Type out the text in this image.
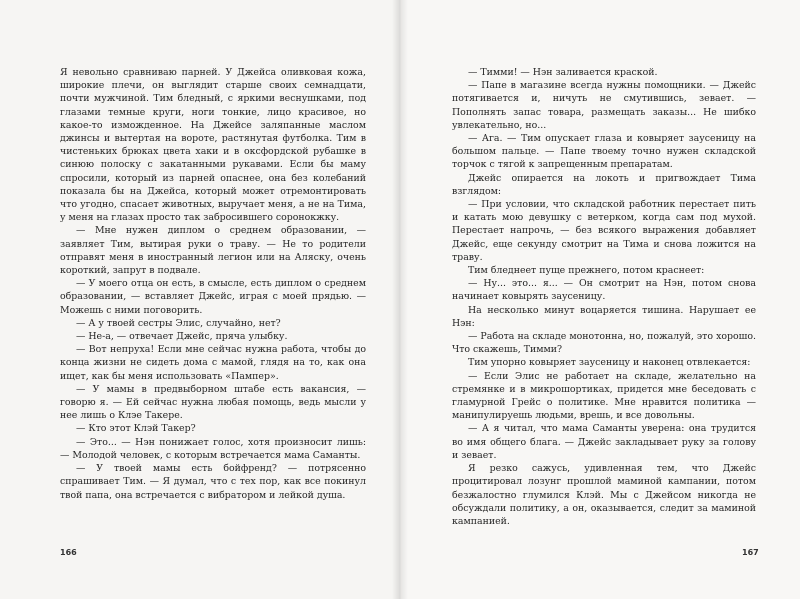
Я невольно сравниваю парней. У Джейса оливковая кожа, широкие плечи, он выглядит старше своих семнадцати, почти мужчиной. Тим бледный, с яркими веснушками, под глазами темные круги, ноги тонкие, лицо красивое, но какое-то изможденное. На Джейсе заляпанные маслом джинсы и вытертая на вороте, растянутая футболка. Тим в чистеньких брюках цвета хаки и в оксфордской рубашке в синюю полоску с закатанными рукавами. Если бы маму спросили, который из парней опаснее, она без колебаний показала бы на Джейса, который может отремонтировать что угодно, спасает животных, выручает меня, а не на Тима, у меня на глазах просто так забросившего соронокжку.

— Мне нужен диплом о среднем образовании, — заявляет Тим, вытирая руки о траву. — Не то родители отправят меня в иностранный легион или на Аляску, очень короткий, запрут в подвале.

— У моего отца он есть, в смысле, есть диплом о среднем образовании, — вставляет Джейс, играя с моей прядью. — Можешь с ними поговорить.

— А у твоей сестры Элис, случайно, нет?

— Не-а, — отвечает Джейс, пряча улыбку.

— Вот непруха! Если мне сейчас нужна работа, чтобы до конца жизни не сидеть дома с мамой, глядя на то, как она ищет, как бы меня использовать «Пампер».

— У мамы в предвыборном штабе есть вакансия, — говорю я. — Ей сейчас нужна любая помощь, ведь мысли у нее лишь о Клэе Такере.

— Кто этот Клэй Такер?

— Это... — Нэн понижает голос, хотя произносит лишь: — Молодой человек, с которым встречается мама Саманты.

— У твоей мамы есть бойфренд? — потрясенно спрашивает Тим. — Я думал, что с тех пор, как все покинул твой папа, она встречается с вибратором и лейкой душа.

166

— Тимми! — Нэн заливается краской.

— Папе в магазине всегда нужны помощники. — Джейс потягивается и, ничуть не смутившись, зевает. — Пополнять запас товара, размещать заказы... Не шибко увлекательно, но...

— Ага. — Тим опускает глаза и ковыряет заусеницу на большом пальце. — Папе твоему точно нужен складской торчок с тягой к запрещенным препаратам.

Джейс опирается на локоть и пригвождает Тима взглядом:

— При условии, что складской работник перестает пить и катать мою девушку с ветерком, когда сам под мухой. Перестает напрочь, — без всякого выражения добавляет Джейс, еще секунду смотрит на Тима и снова ложится на траву.

Тим бледнеет пуще прежнего, потом краснеет:

— Ну... это... я... — Он смотрит на Нэн, потом снова начинает ковырять заусеницу.

На несколько минут воцаряется тишина. Нарушает ее Нэн:

— Работа на складе монотонна, но, пожалуй, это хорошо. Что скажешь, Тимми?

Тим упорно ковыряет заусеницу и наконец отвлекается:

— Если Элис не работает на складе, желательно на стремянке и в микрошортиках, придется мне беседовать с гламурной Грейс о политике. Мне нравится политика — манипулируешь людьми, врешь, и все довольны.

— А я читал, что мама Саманты уверена: она трудится во имя общего блага. — Джейс закладывает руку за голову и зевает.

Я резко сажусь, удивленная тем, что Джейс процитировал лозунг прошлой маминой кампании, потом безжалостно глумился Клэй. Мы с Джейсом никогда не обсуждали политику, а он, оказывается, следит за маминой кампанией.

167
